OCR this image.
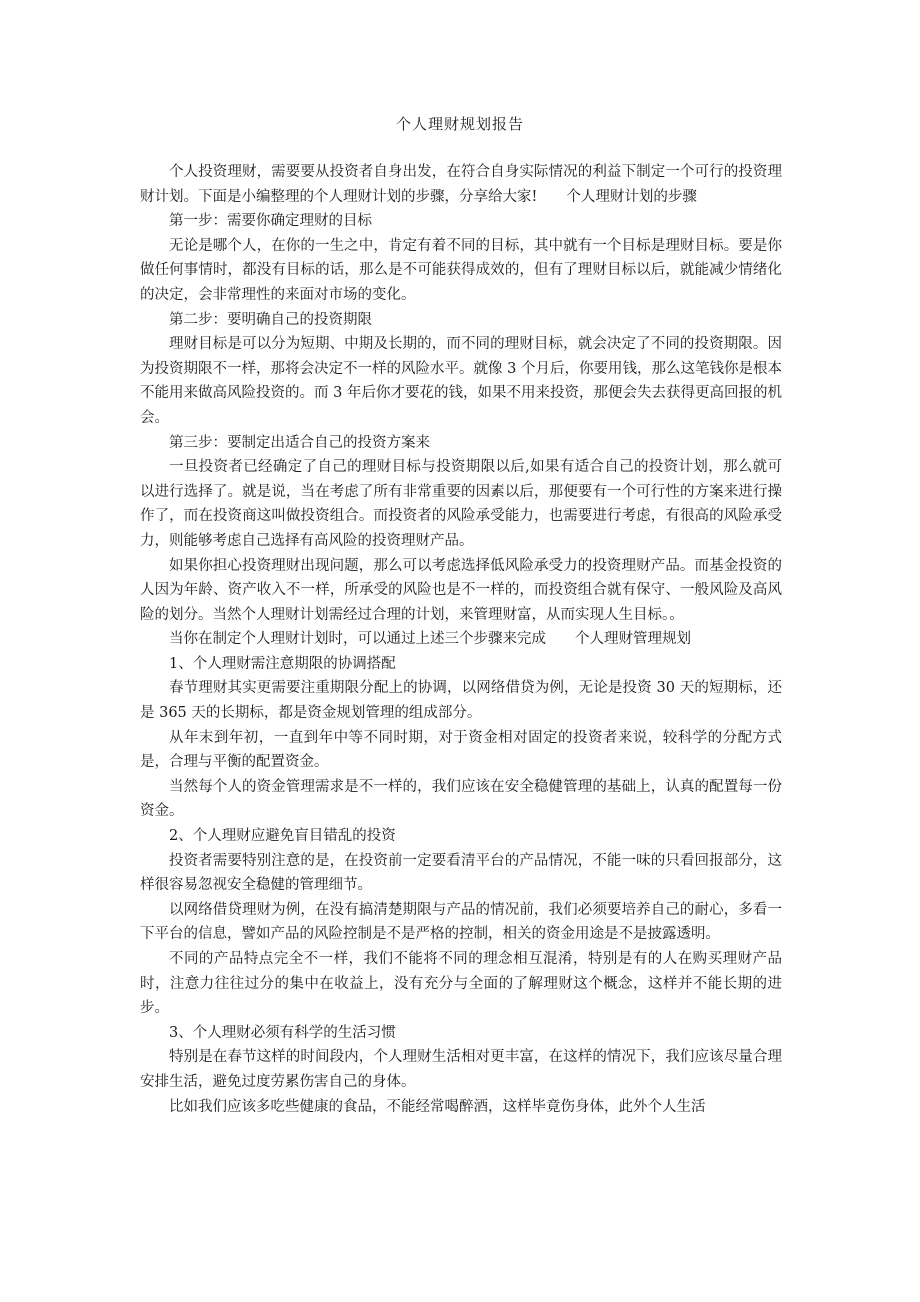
个人理财规划报告

个人投资理财，需要要从投资者自身出发，在符合自身实际情况的利益下制定一个可行的投资理财计划。下面是小编整理的个人理财计划的步骤，分享给大家!　　个人理财计划的步骤

第一步：需要你确定理财的目标

无论是哪个人，在你的一生之中，肯定有着不同的目标，其中就有一个目标是理财目标。要是你做任何事情时，都没有目标的话，那么是不可能获得成效的，但有了理财目标以后，就能减少情绪化的决定，会非常理性的来面对市场的变化。

第二步：要明确自己的投资期限

理财目标是可以分为短期、中期及长期的，而不同的理财目标，就会决定了不同的投资期限。因为投资期限不一样，那将会决定不一样的风险水平。就像 3 个月后，你要用钱，那么这笔钱你是根本不能用来做高风险投资的。而 3 年后你才要花的钱，如果不用来投资，那便会失去获得更高回报的机会。

第三步：要制定出适合自己的投资方案来

一旦投资者已经确定了自己的理财目标与投资期限以后,如果有适合自己的投资计划，那么就可以进行选择了。就是说，当在考虑了所有非常重要的因素以后，那便要有一个可行性的方案来进行操作了，而在投资商这叫做投资组合。而投资者的风险承受能力，也需要进行考虑，有很高的风险承受力，则能够考虑自己选择有高风险的投资理财产品。

如果你担心投资理财出现问题，那么可以考虑选择低风险承受力的投资理财产品。而基金投资的人因为年龄、资产收入不一样，所承受的风险也是不一样的，而投资组合就有保守、一般风险及高风险的划分。当然个人理财计划需经过合理的计划，来管理财富，从而实现人生目标。。

当你在制定个人理财计划时，可以通过上述三个步骤来完成　　个人理财管理规划

1、个人理财需注意期限的协调搭配

春节理财其实更需要注重期限分配上的协调，以网络借贷为例，无论是投资 30 天的短期标，还是 365 天的长期标，都是资金规划管理的组成部分。

从年末到年初，一直到年中等不同时期，对于资金相对固定的投资者来说，较科学的分配方式是，合理与平衡的配置资金。

当然每个人的资金管理需求是不一样的，我们应该在安全稳健管理的基础上，认真的配置每一份资金。

2、个人理财应避免盲目错乱的投资

投资者需要特别注意的是，在投资前一定要看清平台的产品情况，不能一味的只看回报部分，这样很容易忽视安全稳健的管理细节。

以网络借贷理财为例，在没有搞清楚期限与产品的情况前，我们必须要培养自己的耐心，多看一下平台的信息，譬如产品的风险控制是不是严格的控制，相关的资金用途是不是披露透明。

不同的产品特点完全不一样，我们不能将不同的理念相互混淆，特别是有的人在购买理财产品时，注意力往往过分的集中在收益上，没有充分与全面的了解理财这个概念，这样并不能长期的进步。

3、个人理财必须有科学的生活习惯

特别是在春节这样的时间段内，个人理财生活相对更丰富，在这样的情况下，我们应该尽量合理安排生活，避免过度劳累伤害自己的身体。

比如我们应该多吃些健康的食品，不能经常喝醉酒，这样毕竟伤身体，此外个人生活
